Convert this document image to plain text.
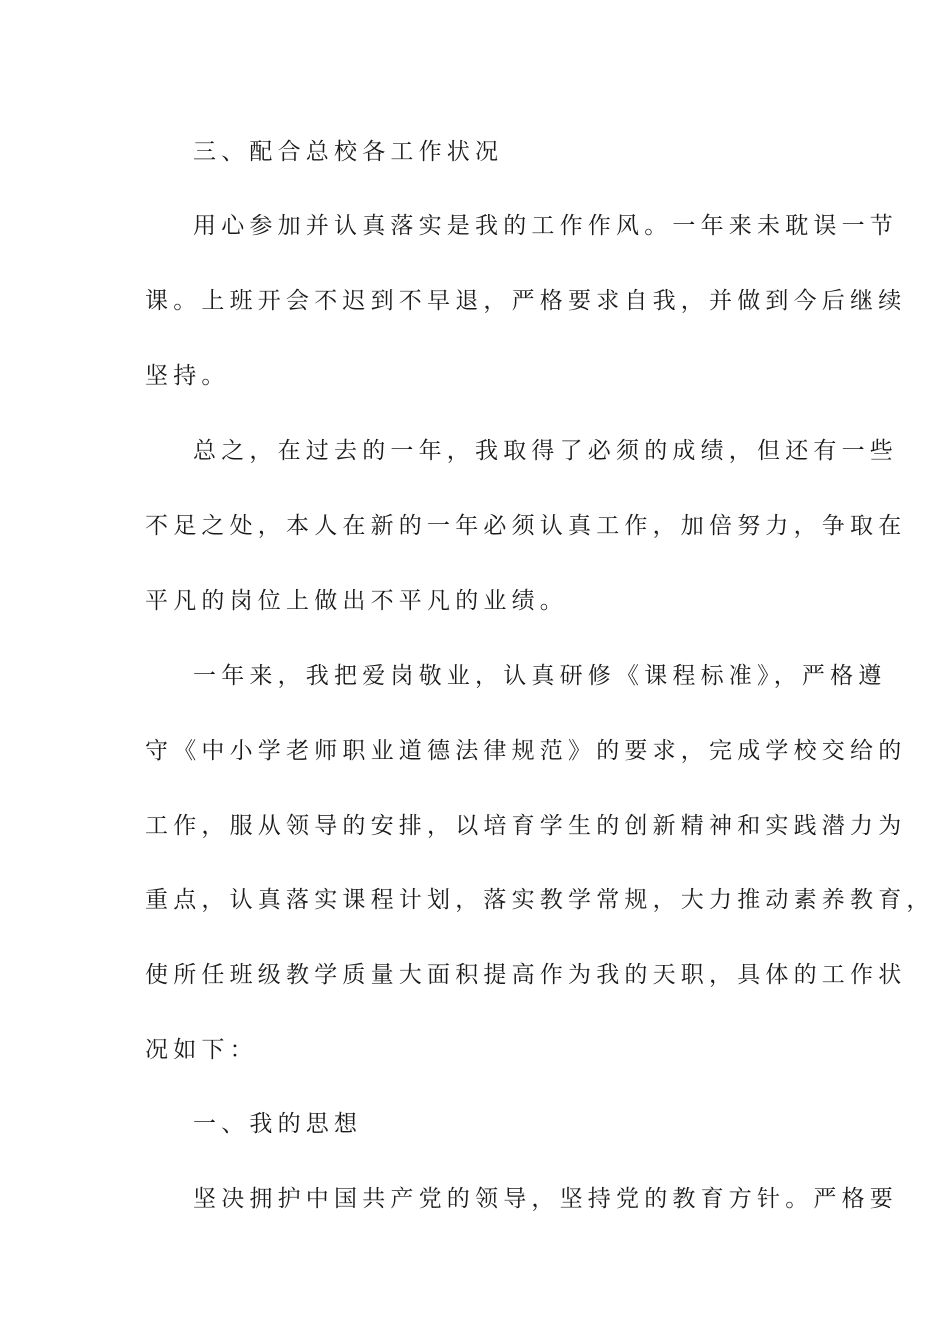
三、配合总校各工作状况
用心参加并认真落实是我的工作作风。一年来未耽误一节
课。上班开会不迟到不早退，严格要求自我，并做到今后继续
坚持。
总之，在过去的一年，我取得了必须的成绩，但还有一些
不足之处，本人在新的一年必须认真工作，加倍努力，争取在
平凡的岗位上做出不平凡的业绩。
一年来，我把爱岗敬业，认真研修《课程标准》，严格遵
守《中小学老师职业道德法律规范》的要求，完成学校交给的
工作，服从领导的安排，以培育学生的创新精神和实践潜力为
重点，认真落实课程计划，落实教学常规，大力推动素养教育，
使所任班级教学质量大面积提高作为我的天职，具体的工作状
况如下：
一、我的思想
坚决拥护中国共产党的领导，坚持党的教育方针。严格要
